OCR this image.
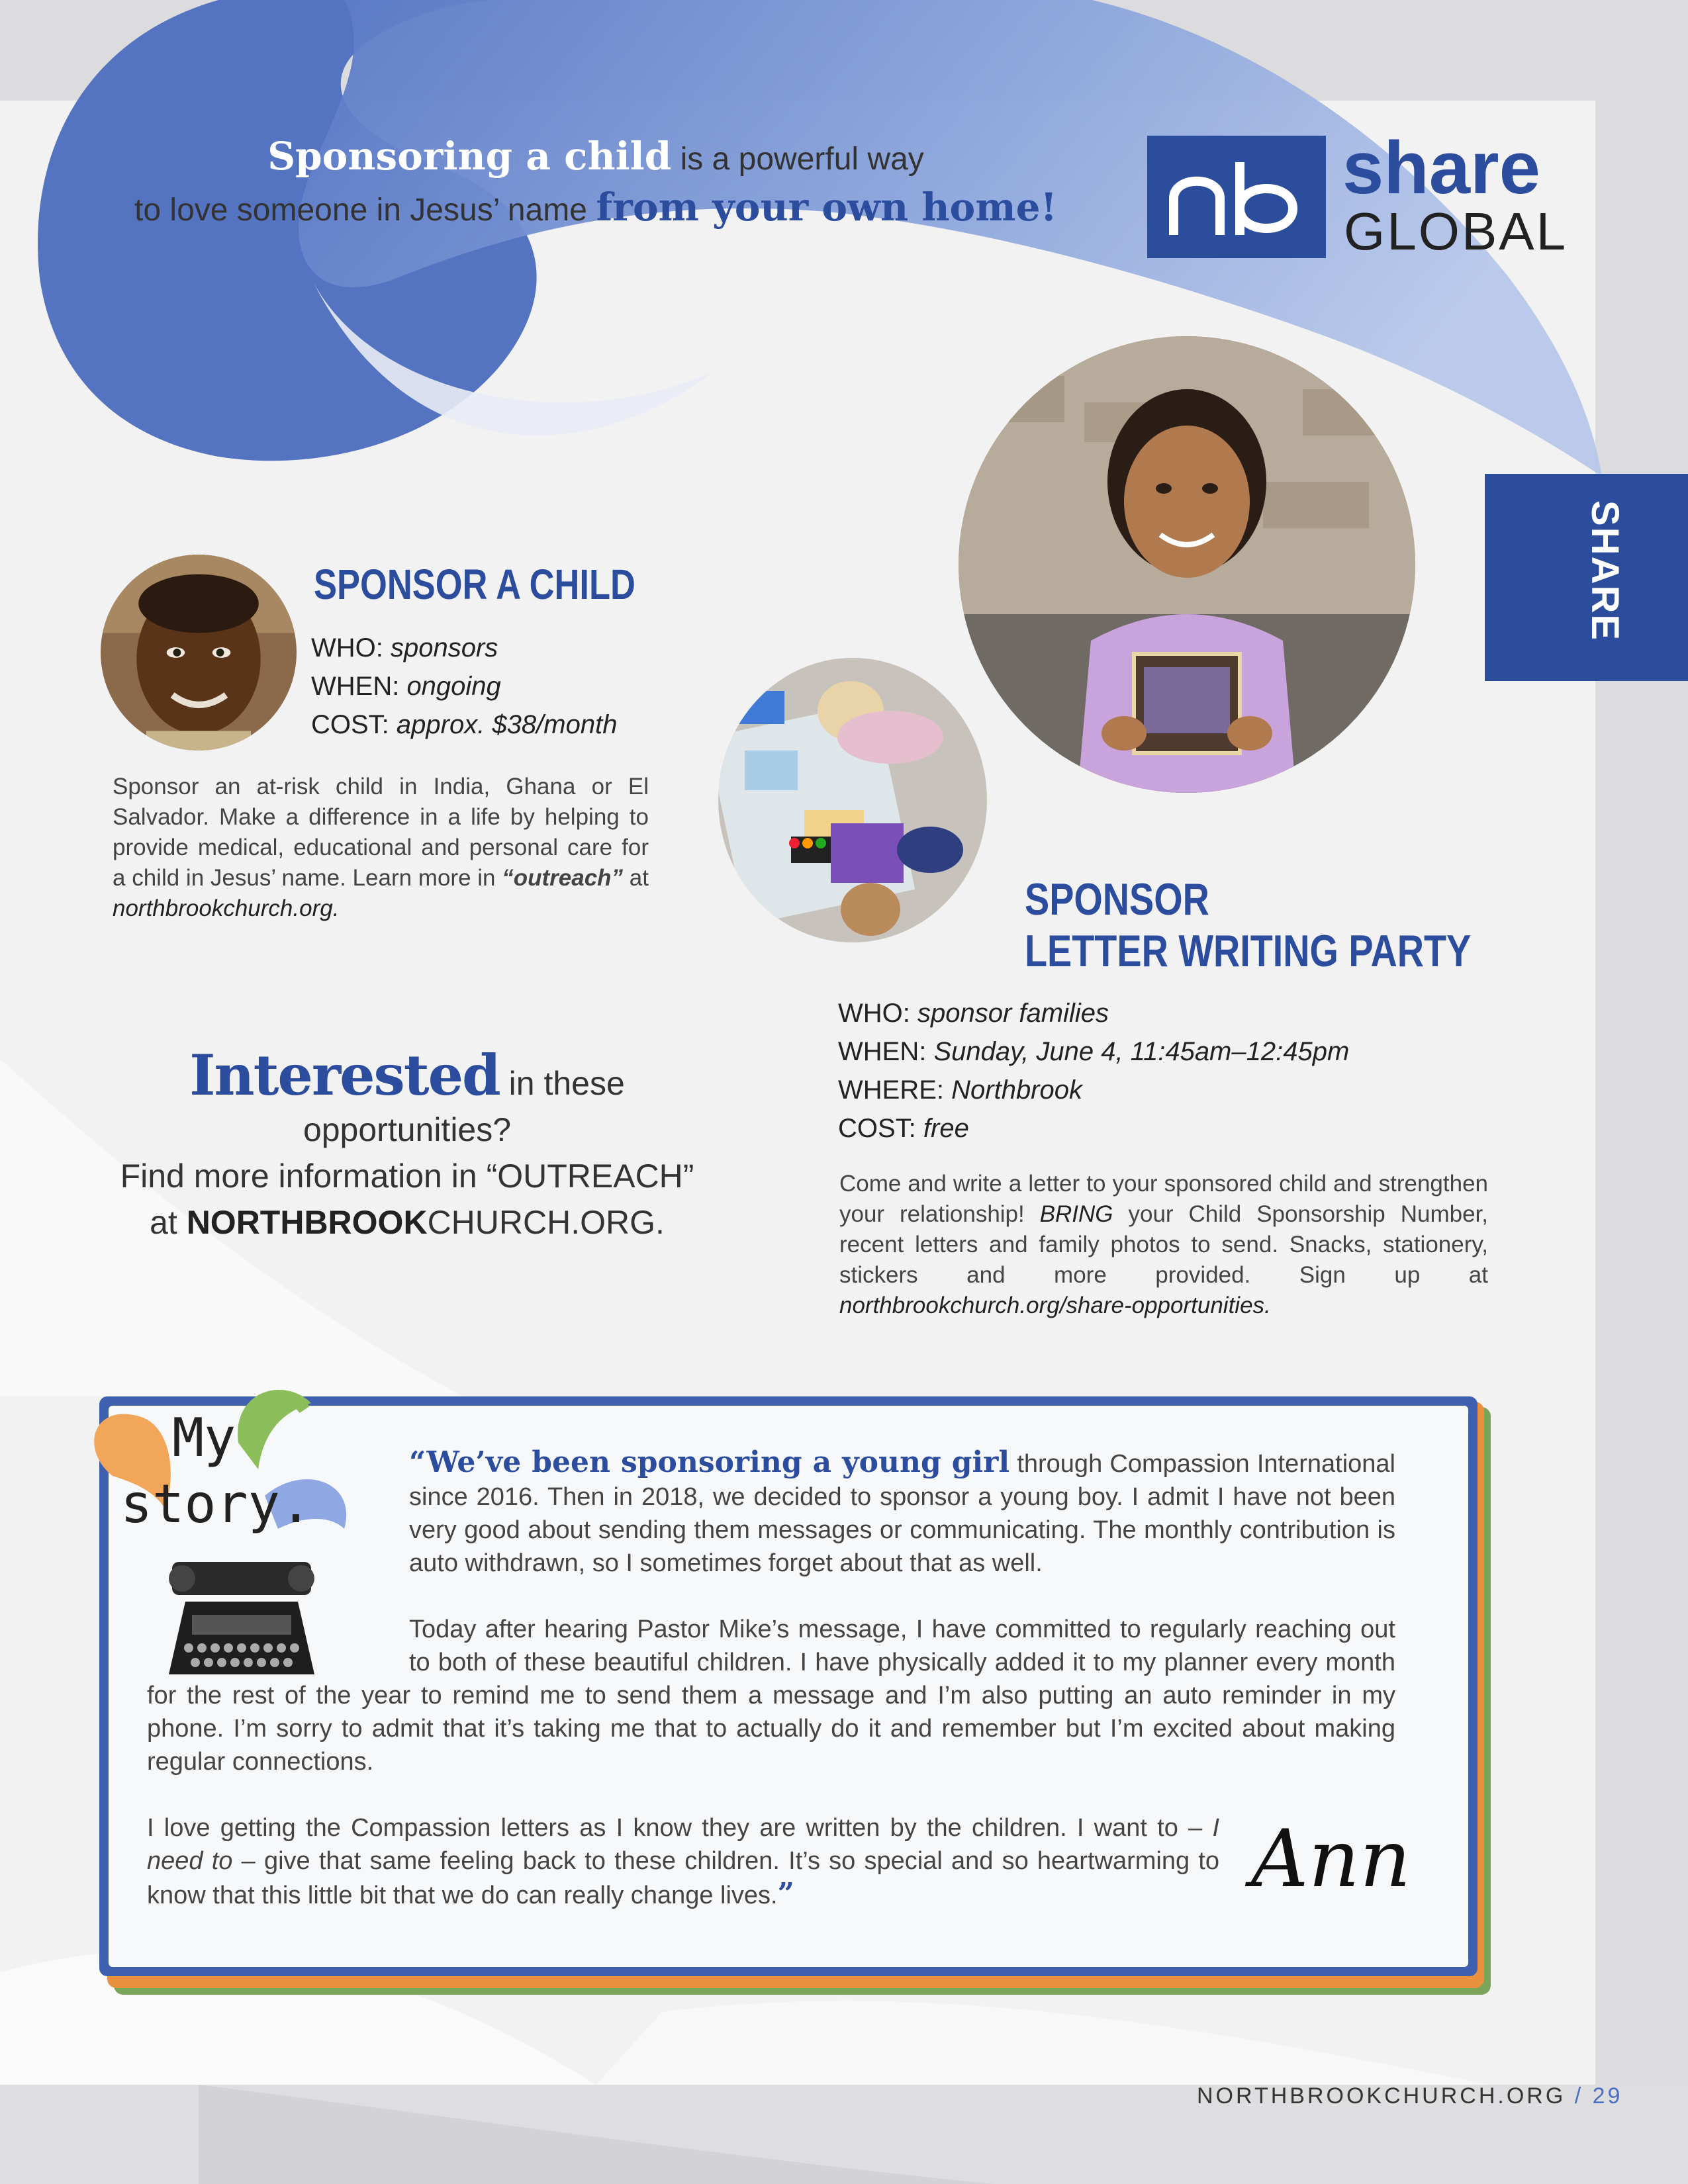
Sponsoring a child is a powerful way
to love someone in Jesus’ name from your own home!	share
GLOBAL
SHARE
SPONSOR A CHILD
WHO: sponsors
WHEN: ongoing
COST: approx. $38/month
Sponsor an at-risk child in India, Ghana or El Salvador. Make a difference in a life by helping to provide medical, educational and personal care for a child in Jesus’ name. Learn more in “outreach” at northbrookchurch.org.	SPONSOR
LETTER WRITING PARTY
WHO: sponsor families
WHEN: Sunday, June 4, 11:45am–12:45pm
WHERE: Northbrook
COST: free
Come and write a letter to your sponsored child and strengthen your relationship! BRING your Child Sponsorship Number, recent letters and family photos to send. Snacks, stationery, stickers and more provided. Sign up at northbrookchurch.org/share-opportunities.
Interested in these opportunities?
Find more information in “OUTREACH”
at NORTHBROOKCHURCH.ORG.
My
story.

“We’ve been sponsoring a young girl through Compassion International since 2016. Then in 2018, we decided to sponsor a young boy. I admit I have not been very good about sending them messages or communicating. The monthly contribution is auto withdrawn, so I sometimes forget about that as well.

Today after hearing Pastor Mike’s message, I have committed to regularly reaching out to both of these beautiful children. I have physically added it to my planner every month for the rest of the year to remind me to send them a message and I’m also putting an auto reminder in my phone. I’m sorry to admit that it’s taking me that to actually do it and remember but I’m excited about making regular connections.

I love getting the Compassion letters as I know they are written by the children. I want to – I need to – give that same feeling back to these children. It’s so special and so heartwarming to know that this little bit that we do can really change lives.”	Ann
NORTHBROOKCHURCH.ORG / 29
